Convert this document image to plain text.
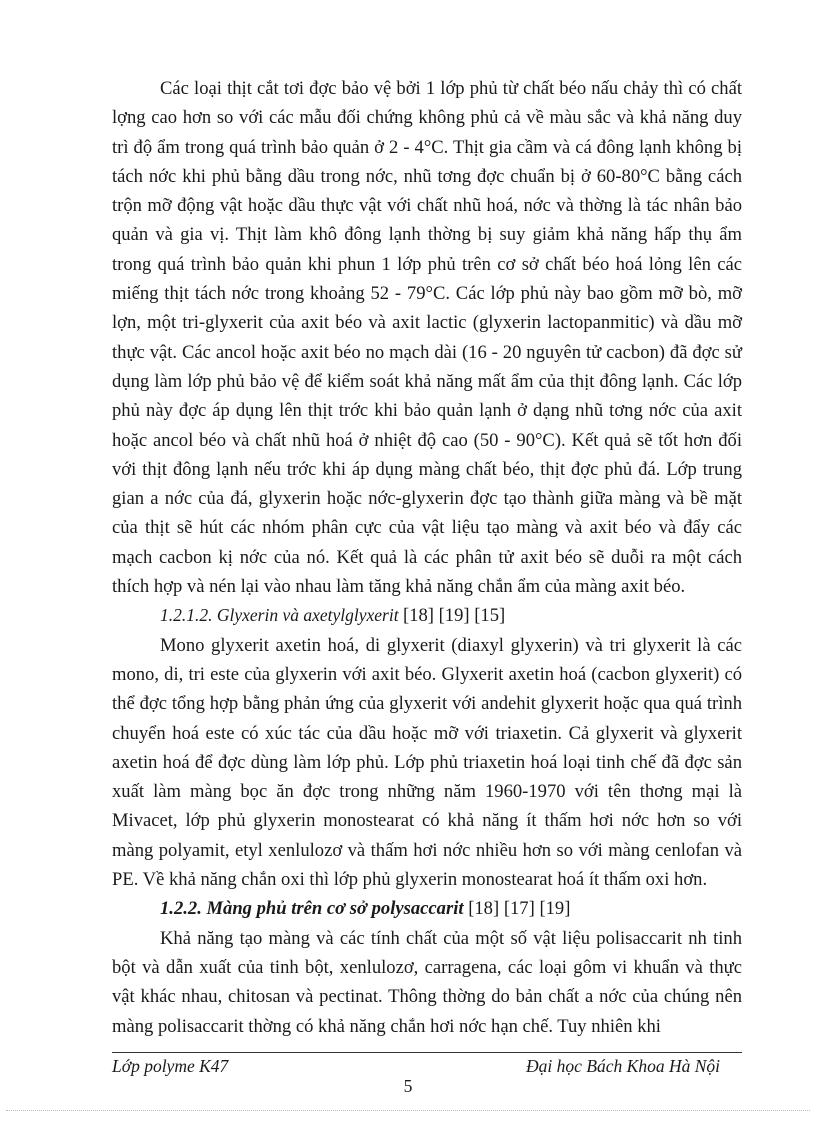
Các loại thịt cắt tơi đợc bảo vệ bởi 1 lớp phủ từ chất béo nấu chảy thì có chất lợng cao hơn so với các mẫu đối chứng không phủ cả về màu sắc và khả năng duy trì độ ẩm trong quá trình bảo quản ở 2 - 4°C. Thịt gia cầm và cá đông lạnh không bị tách nớc khi phủ bằng dầu trong nớc, nhũ tơng đợc chuẩn bị ở 60-80°C bằng cách trộn mỡ động vật hoặc dầu thực vật với chất nhũ hoá, nớc và thờng là tác nhân bảo quản và gia vị. Thịt làm khô đông lạnh thờng bị suy giảm khả năng hấp thụ ẩm trong quá trình bảo quản khi phun 1 lớp phủ trên cơ sở chất béo hoá lỏng lên các miếng thịt tách nớc trong khoảng 52 - 79°C. Các lớp phủ này bao gồm mỡ bò, mỡ lợn, một tri-glyxerit của axit béo và axit lactic (glyxerin lactopanmitic) và dầu mỡ thực vật. Các ancol hoặc axit béo no mạch dài (16 - 20 nguyên tử cacbon) đã đợc sử dụng làm lớp phủ bảo vệ để kiểm soát khả năng mất ẩm của thịt đông lạnh. Các lớp phủ này đợc áp dụng lên thịt trớc khi bảo quản lạnh ở dạng nhũ tơng nớc của axit hoặc ancol béo và chất nhũ hoá ở nhiệt độ cao (50 - 90°C). Kết quả sẽ tốt hơn đối với thịt đông lạnh nếu trớc khi áp dụng màng chất béo, thịt đợc phủ đá. Lớp trung gian a nớc của đá, glyxerin hoặc nớc-glyxerin đợc tạo thành giữa màng và bề mặt của thịt sẽ hút các nhóm phân cực của vật liệu tạo màng và axit béo và đẩy các mạch cacbon kị nớc của nó. Kết quả là các phân tử axit béo sẽ duỗi ra một cách thích hợp và nén lại vào nhau làm tăng khả năng chắn ẩm của màng axit béo.

1.2.1.2. Glyxerin và axetylglyxerit [18] [19] [15]

Mono glyxerit axetin hoá, di glyxerit (diaxyl glyxerin) và tri glyxerit là các mono, di, tri este của glyxerin với axit béo. Glyxerit axetin hoá (cacbon glyxerit) có thể đợc tổng hợp bằng phản ứng của glyxerit với andehit glyxerit hoặc qua quá trình chuyển hoá este có xúc tác của dầu hoặc mỡ với triaxetin. Cả glyxerit và glyxerit axetin hoá để đợc dùng làm lớp phủ. Lớp phủ triaxetin hoá loại tinh chế đã đợc sản xuất làm màng bọc ăn đợc trong những năm 1960-1970 với tên thơng mại là Mivacet, lớp phủ glyxerin monostearat có khả năng ít thấm hơi nớc hơn so với màng polyamit, etyl xenlulozơ và thấm hơi nớc nhiều hơn so với màng cenlofan và PE. Về khả năng chắn oxi thì lớp phủ glyxerin monostearat hoá ít thấm oxi hơn.

1.2.2. Màng phủ trên cơ sở polysaccarit [18] [17] [19]

Khả năng tạo màng và các tính chất của một số vật liệu polisaccarit nh tinh bột và dẫn xuất của tinh bột, xenlulozơ, carragena, các loại gôm vi khuẩn và thực vật khác nhau, chitosan và pectinat. Thông thờng do bản chất a nớc của chúng nên màng polisaccarit thờng có khả năng chắn hơi nớc hạn chế. Tuy nhiên khi

Lớp polyme K47	Đại học Bách Khoa Hà Nội
5
